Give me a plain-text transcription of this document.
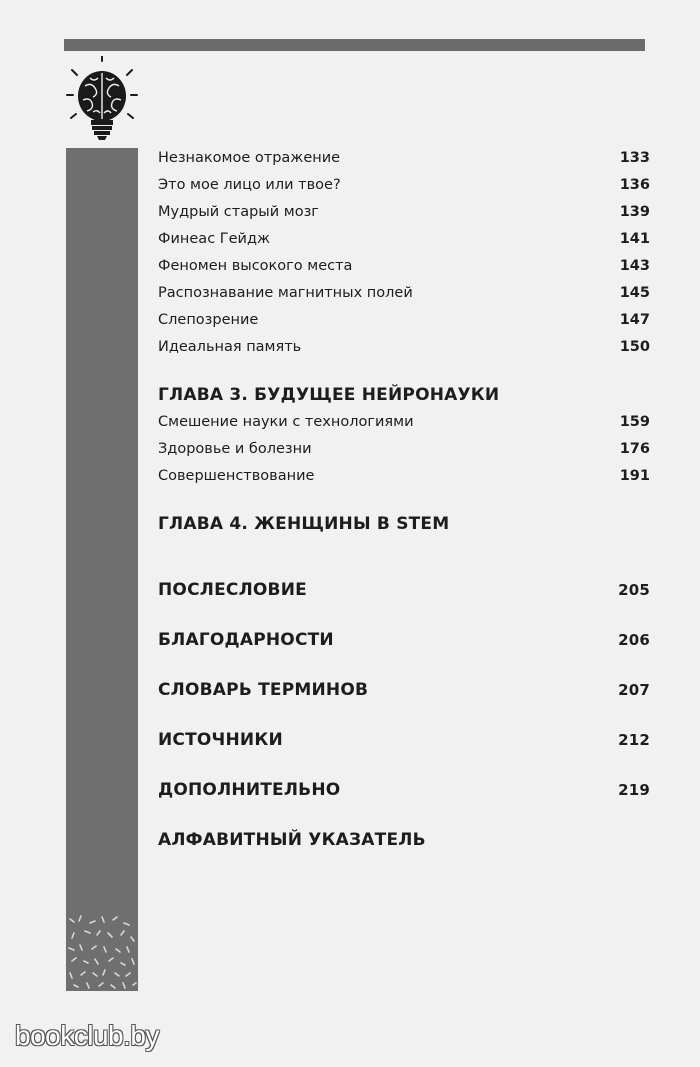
Незнакомое отражение	133
Это мое лицо или твое?	136
Мудрый старый мозг	139
Финеас Гейдж	141
Феномен высокого места	143
Распознавание магнитных полей	145
Слепозрение	147
Идеальная память	150
ГЛАВА 3. БУДУЩЕЕ НЕЙРОНАУКИ
Смешение науки с технологиями	159
Здоровье и болезни	176
Совершенствование	191
ГЛАВА 4. ЖЕНЩИНЫ В STEM
ПОСЛЕСЛОВИЕ	205
БЛАГОДАРНОСТИ	206
СЛОВАРЬ ТЕРМИНОВ	207
ИСТОЧНИКИ	212
ДОПОЛНИТЕЛЬНО	219
АЛФАВИТНЫЙ УКАЗАТЕЛЬ
bookclub.by
